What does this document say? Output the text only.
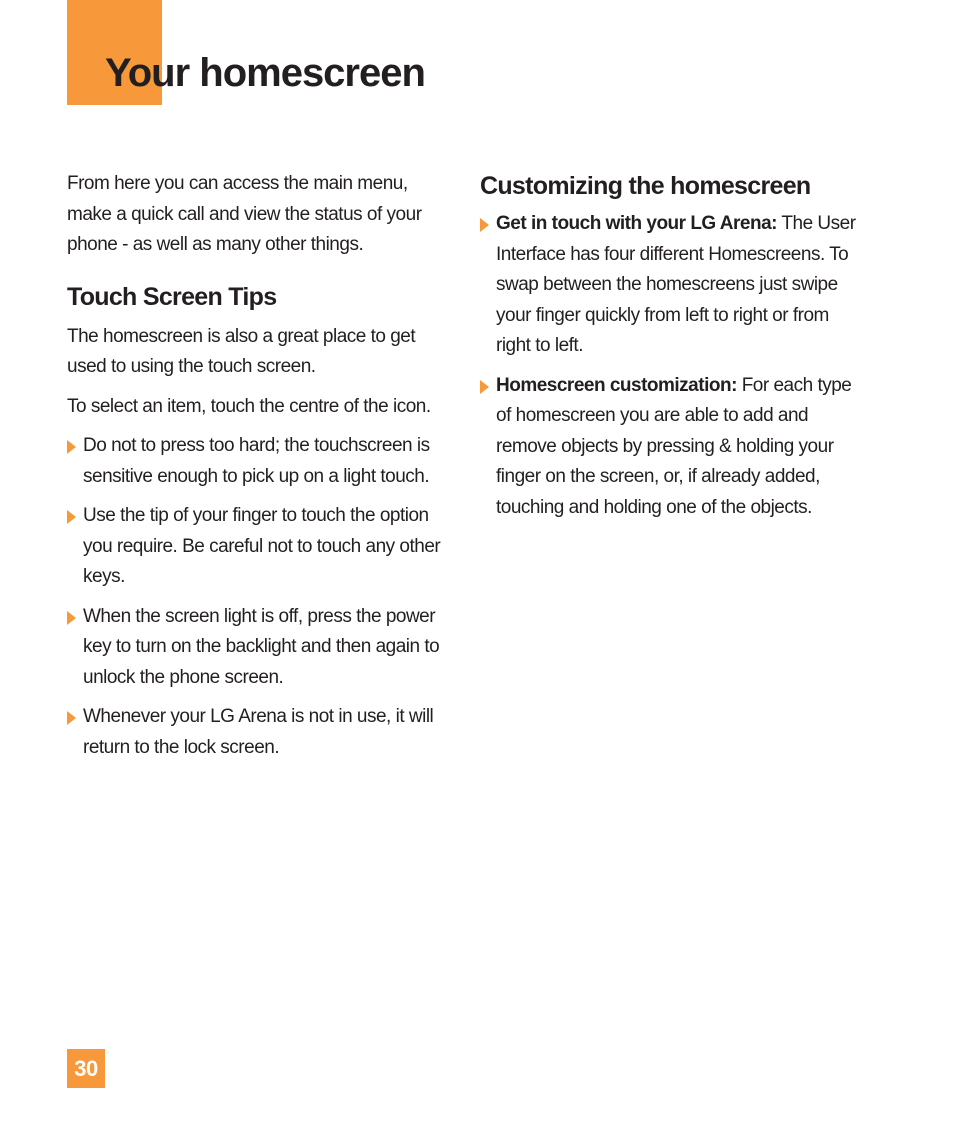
Your homescreen

From here you can access the main menu, make a quick call and view the status of your phone - as well as many other things.

Touch Screen Tips

The homescreen is also a great place to get used to using the touch screen.

To select an item, touch the centre of the icon.

Do not to press too hard; the touchscreen is sensitive enough to pick up on a light touch.
Use the tip of your finger to touch the option you require. Be careful not to touch any other keys.
When the screen light is off, press the power key to turn on the backlight and then again to unlock the phone screen.
Whenever your LG Arena is not in use, it will return to the lock screen.
Customizing the homescreen
Get in touch with your LG Arena: The User Interface has four different Homescreens. To swap between the homescreens just swipe your finger quickly from left to right or from right to left.
Homescreen customization: For each type of homescreen you are able to add and remove objects by pressing & holding your finger on the screen, or, if already added, touching and holding one of the objects.
30
